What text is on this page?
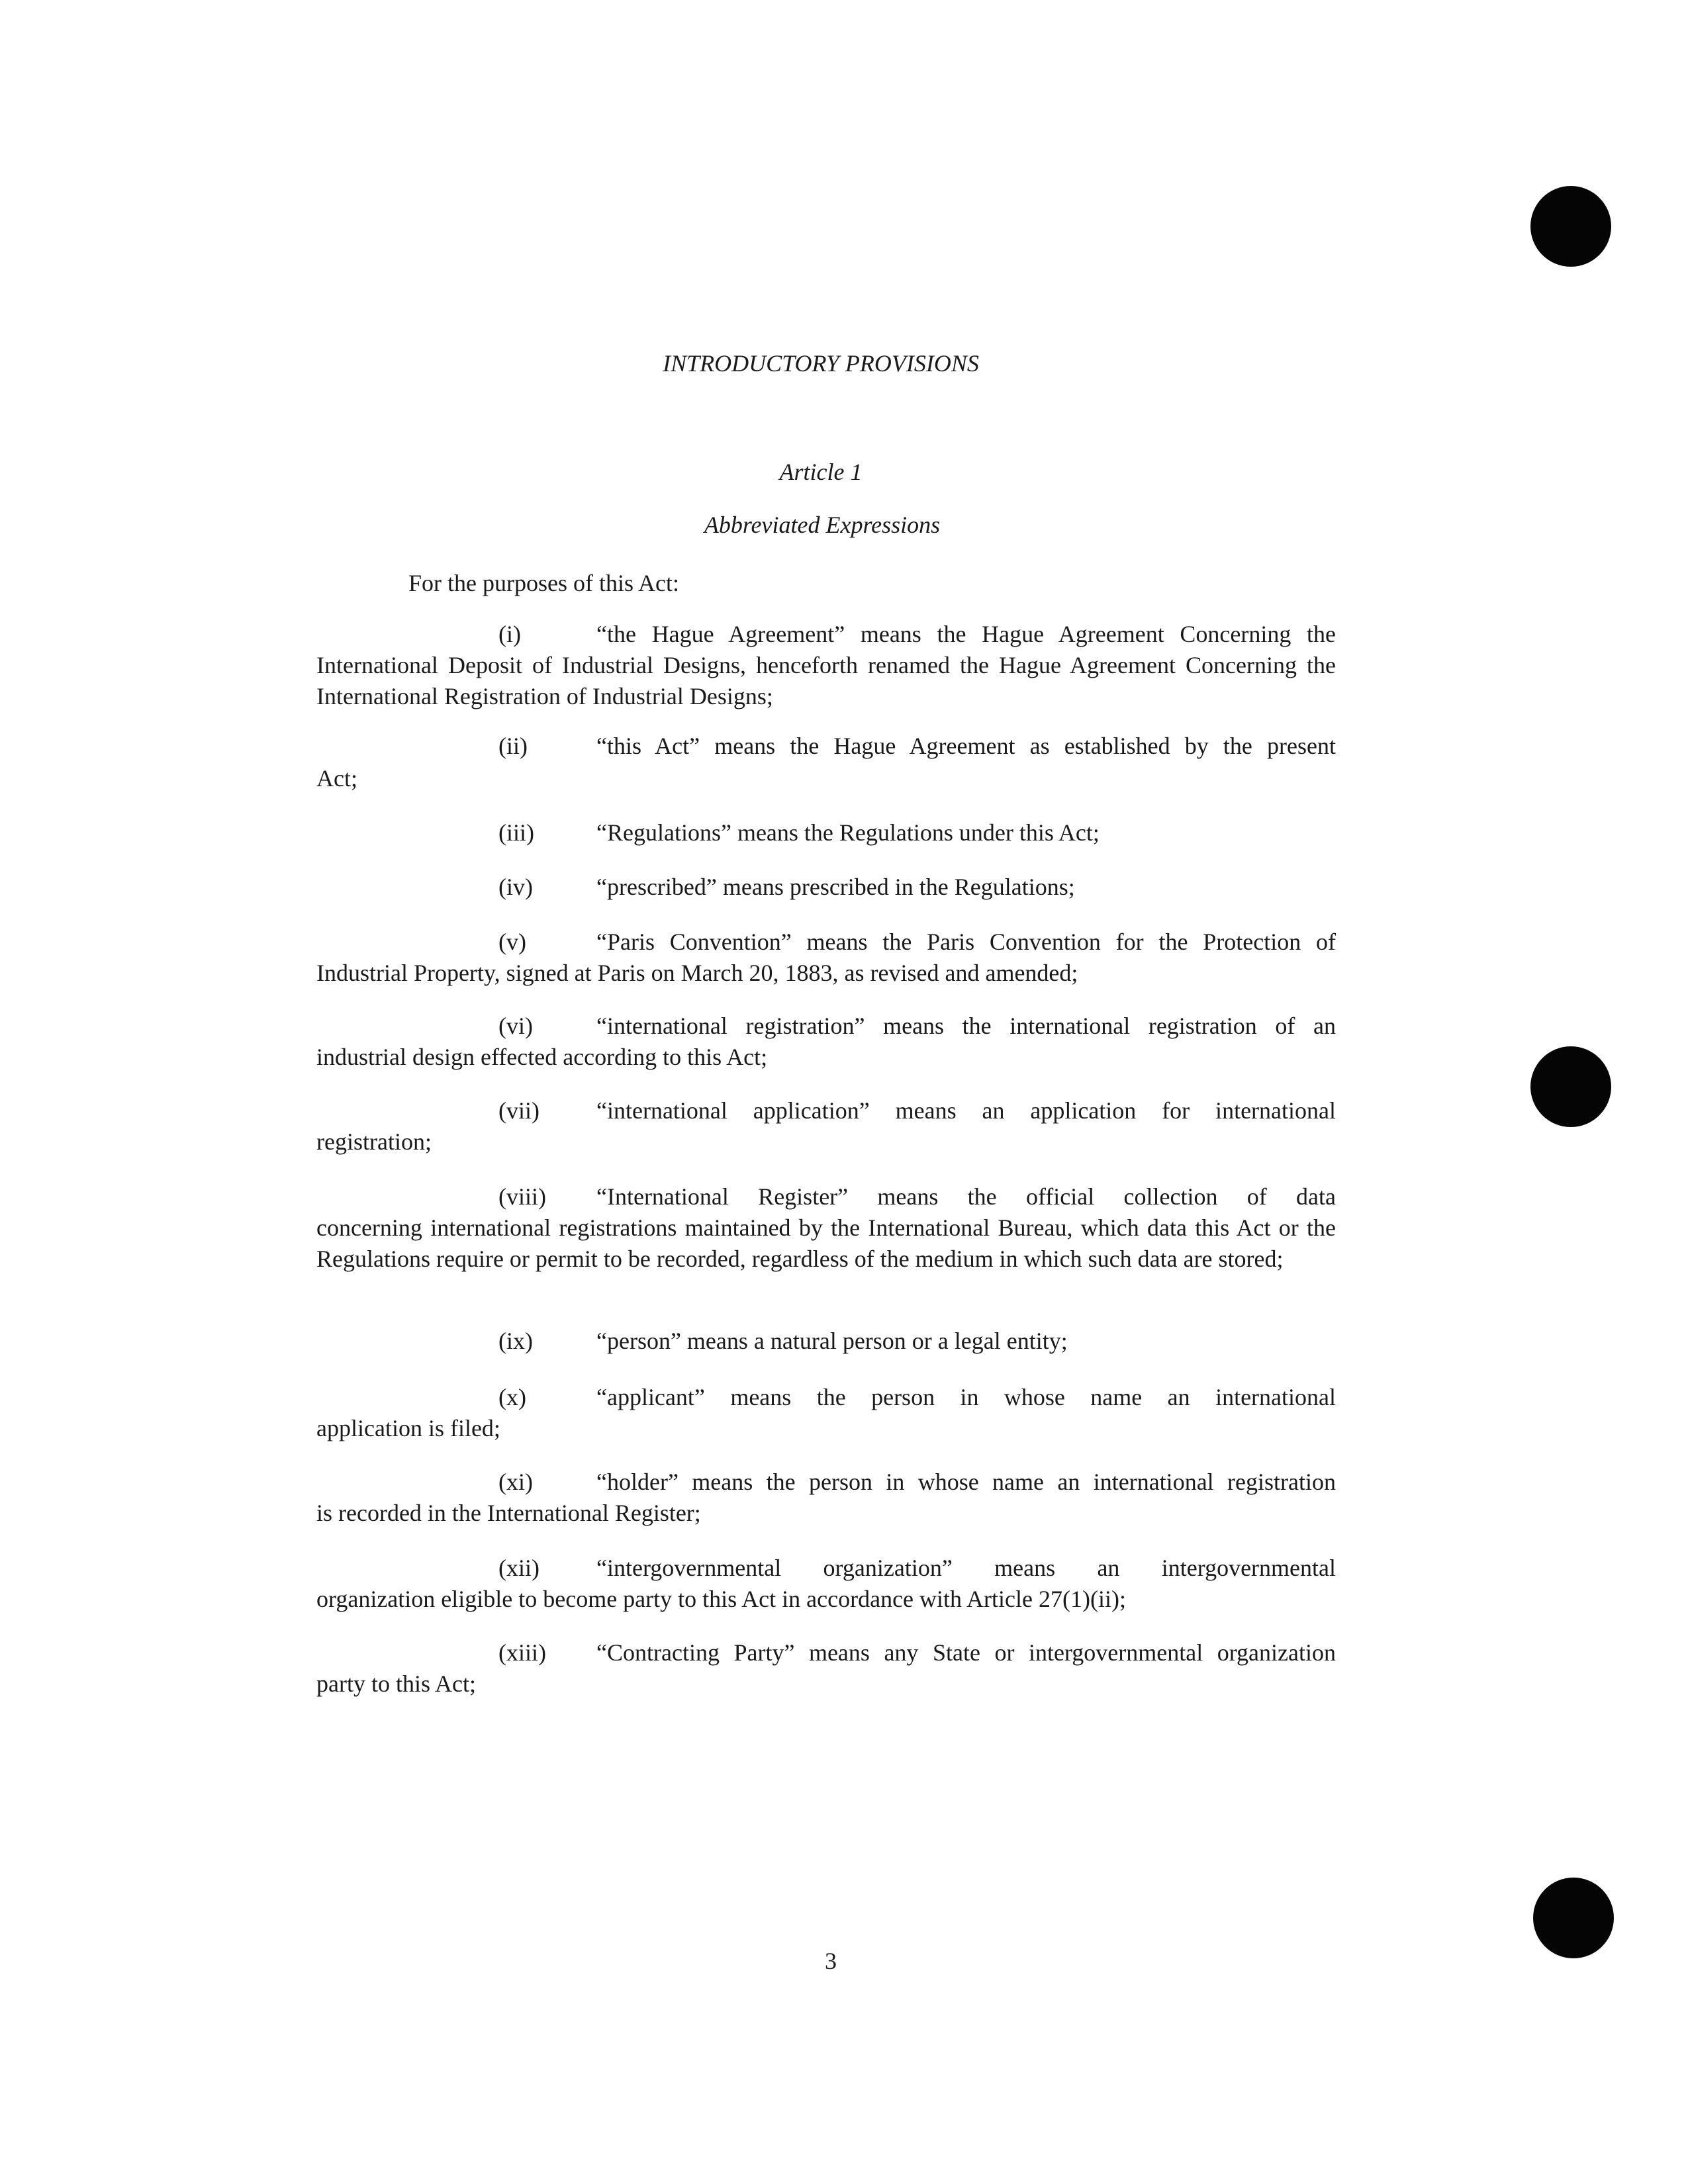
INTRODUCTORY PROVISIONS
Article 1
Abbreviated Expressions
For the purposes of this Act:
(i)	“the Hague Agreement” means the Hague Agreement Concerning the
International Deposit of Industrial Designs, henceforth renamed the Hague Agreement Concerning the International Registration of Industrial Designs;
(ii)	“this Act” means the Hague Agreement as established by the present
Act;
(iii)	“Regulations” means the Regulations under this Act;
(iv)	“prescribed” means prescribed in the Regulations;
(v)	“Paris Convention” means the Paris Convention for the Protection of
Industrial Property, signed at Paris on March 20, 1883, as revised and amended;
(vi)	“international registration” means the international registration of an
industrial design effected according to this Act;
(vii) “international application” means an application for international
registration;
(viii) “International Register” means the official collection of data
concerning international registrations maintained by the International Bureau, which data this Act or the Regulations require or permit to be recorded, regardless of the medium in which such data are stored;
(ix)	“person” means a natural person or a legal entity;
(x)	“applicant” means the person in whose name an international
application is filed;
(xi)	“holder” means the person in whose name an international registration
is recorded in the International Register;
(xii) “intergovernmental organization” means an intergovernmental
organization eligible to become party to this Act in accordance with Article 27(1)(ii);
(xiii) “Contracting Party” means any State or intergovernmental organization
party to this Act;
3
